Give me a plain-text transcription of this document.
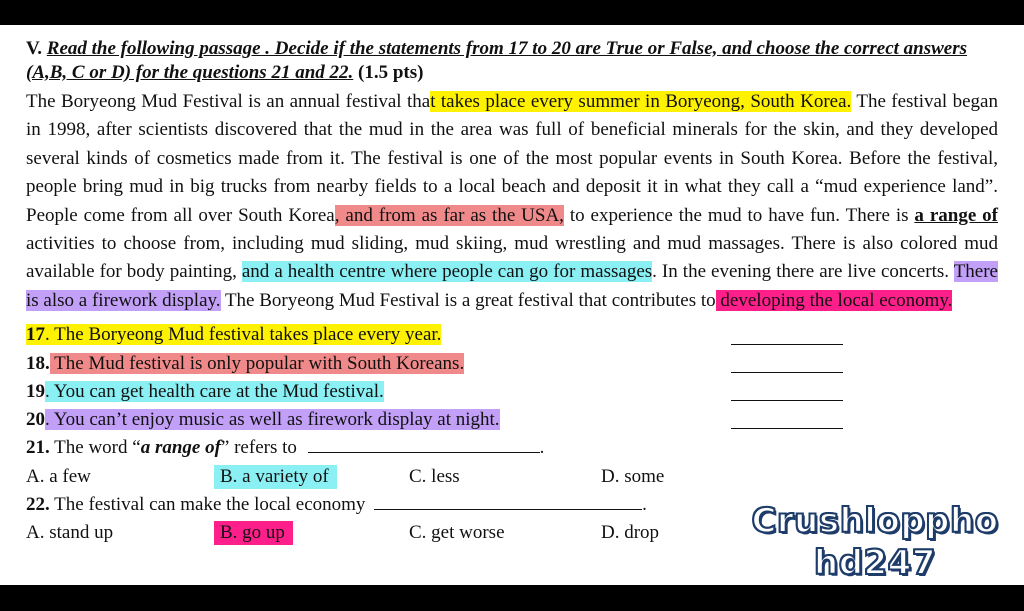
V. Read the following passage . Decide if the statements from 17 to 20 are True or False, and choose the correct answers (A,B, C or D) for the questions 21 and 22. (1.5 pts)
The Boryeong Mud Festival is an annual festival that takes place every summer in Boryeong, South Korea. The festival began in 1998, after scientists discovered that the mud in the area was full of beneficial minerals for the skin, and they developed several kinds of cosmetics made from it. The festival is one of the most popular events in South Korea. Before the festival, people bring mud in big trucks from nearby fields to a local beach and deposit it in what they call a “mud experience land”. People come from all over South Korea, and from as far as the USA, to experience the mud to have fun. There is a range of activities to choose from, including mud sliding, mud skiing, mud wrestling and mud massages. There is also colored mud available for body painting, and a health centre where people can go for massages. In the evening there are live concerts. There is also a firework display. The Boryeong Mud Festival is a great festival that contributes to developing the local economy.
17. The Boryeong Mud festival takes place every year.
18. The Mud festival is only popular with South Koreans.
19. You can get health care at the Mud festival.
20. You can’t enjoy music as well as firework display at night.
21. The word “a range of” refers to	.
A. a few	B. a variety of	C. less	D. some
22. The festival can make the local economy	.
A. stand up	B. go up	C. get worse	D. drop	Crushloppho
hd247
